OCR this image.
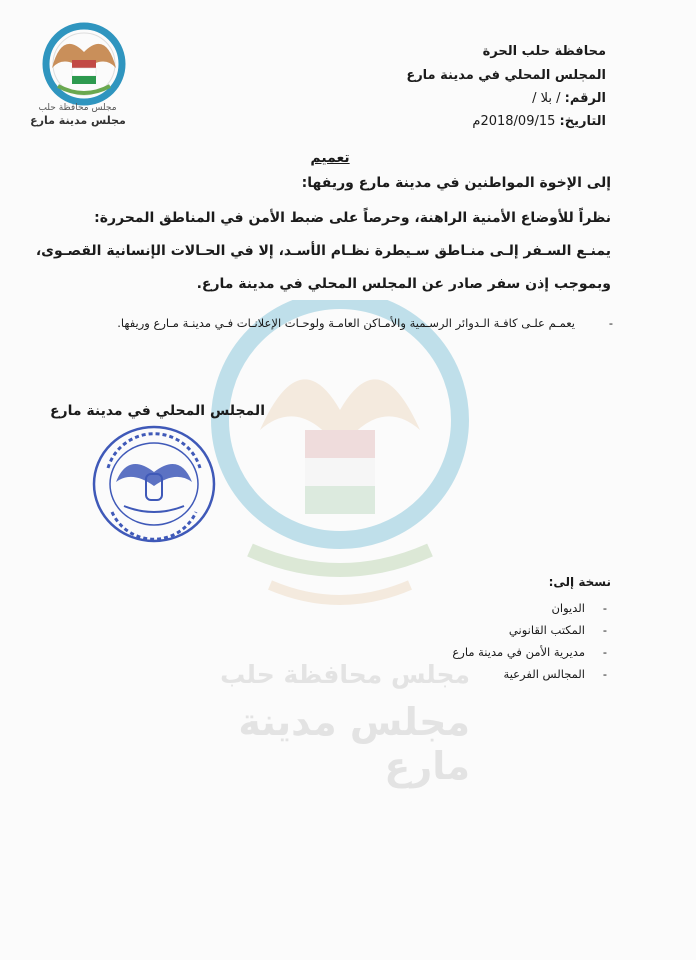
مجلس محافظة حلب
مجلس مدينة مارع
مجلس محافظة حلب
مجلس مدينة مارع
محافظة حلب الحرة
المجلس المحلي في مدينة مارع
الرقم: / بلا /
التاريخ: 2018/09/15م
تعميم
إلى الإخوة المواطنين في مدينة مارع وريفها:
نظراً للأوضاع الأمنية الراهنة، وحرصاً على ضبط الأمن في المناطق المحررة:
يمنـع السـفر إلـى منـاطق سـيطرة نظـام الأسـد، إلا في الحـالات الإنسانية القصـوى،
وبموجب إذن سفر صادر عن المجلس المحلي في مدينة مارع.
-
يعمـم علـى كافـة الـدوائر الرسـمية والأمـاكن العامـة ولوحـات الإعلانـات فـي مدينـة مـارع وريفها.
المجلس المحلي في مدينة مارع
نسخة إلى:
-
الديوان
-
المكتب القانوني
-
مديرية الأمن في مدينة مارع
-
المجالس الفرعية
